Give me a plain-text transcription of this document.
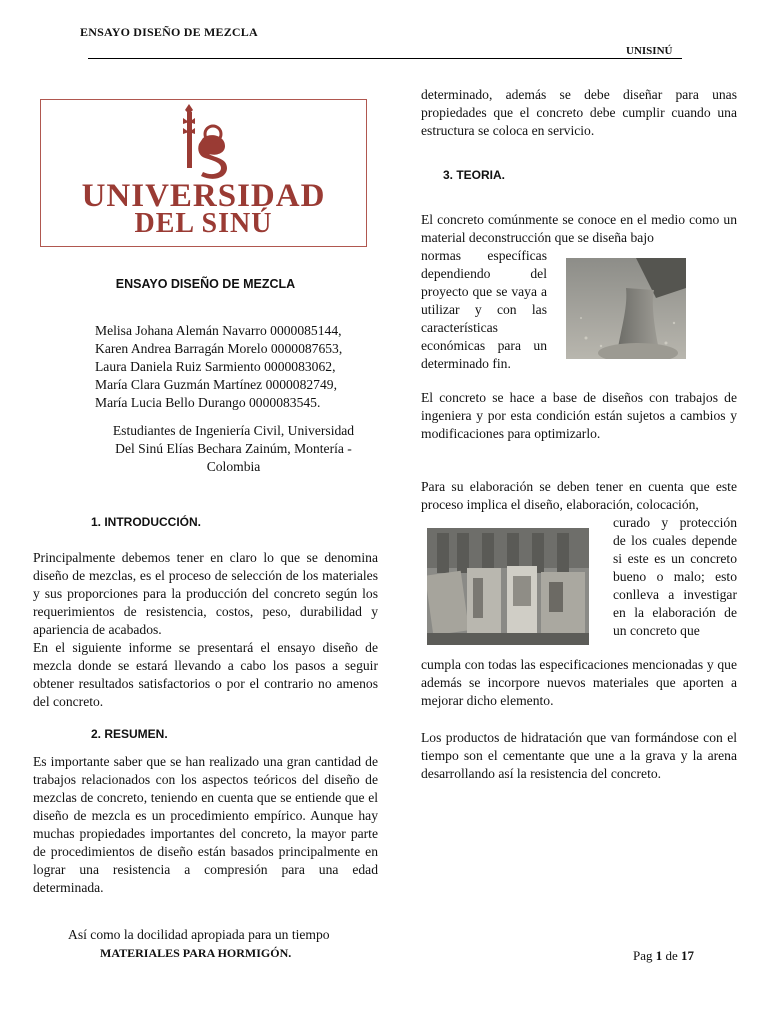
ENSAYO DISEÑO DE MEZCLA
UNISINÚ
UNIVERSIDAD
DEL SINÚ
ENSAYO DISEÑO DE MEZCLA
Melisa Johana Alemán Navarro 0000085144,
Karen Andrea Barragán Morelo 0000087653,
Laura Daniela Ruiz Sarmiento 0000083062,
María Clara Guzmán Martínez 0000082749,
María Lucia Bello Durango 0000083545.
Estudiantes de Ingeniería Civil, Universidad
Del Sinú Elías Bechara Zainúm, Montería -
Colombia
1. INTRODUCCIÓN.
Principalmente debemos tener en claro lo que se denomina diseño de mezclas, es el proceso de selección de los materiales y sus proporciones para la producción del concreto según los requerimientos de resistencia, costos, peso, durabilidad y apariencia de acabados.
En el siguiente informe se presentará el ensayo diseño de mezcla donde se estará llevando a cabo los pasos a seguir obtener resultados satisfactorios o por el contrario no amenos del concreto.
2. RESUMEN.
Es importante saber que se han realizado una gran cantidad de trabajos relacionados con los aspectos teóricos del diseño de mezclas de concreto, teniendo en cuenta que se entiende que el diseño de mezcla es un procedimiento empírico. Aunque hay muchas propiedades importantes del concreto, la mayor parte de procedimientos de diseño están basados principalmente en lograr una resistencia a compresión para una edad determinada.
Así como la docilidad apropiada para un tiempo
determinado, además se debe diseñar para unas propiedades que el concreto debe cumplir cuando una estructura se coloca en servicio.
3. TEORIA.
El concreto comúnmente se conoce en el medio como un material deconstrucción que se diseña bajo
normas específicas dependiendo del proyecto que se vaya a utilizar y con las características económicas para un determinado fin.
El concreto se hace a base de diseños con trabajos de ingeniera y por esta condición están sujetos a cambios y modificaciones para optimizarlo.
Para su elaboración se deben tener en cuenta que este proceso implica el diseño, elaboración, colocación,
curado y protección de los cuales depende si este es un concreto bueno o malo; esto conlleva a investigar en la elaboración de un concreto que
cumpla con todas las especificaciones mencionadas y que además se incorpore nuevos materiales que aporten a mejorar dicho elemento.
Los productos de hidratación que van formándose con el tiempo son el cementante que une a la grava y la arena desarrollando así la resistencia del concreto.
MATERIALES PARA HORMIGÓN.	Pag 1 de 17
